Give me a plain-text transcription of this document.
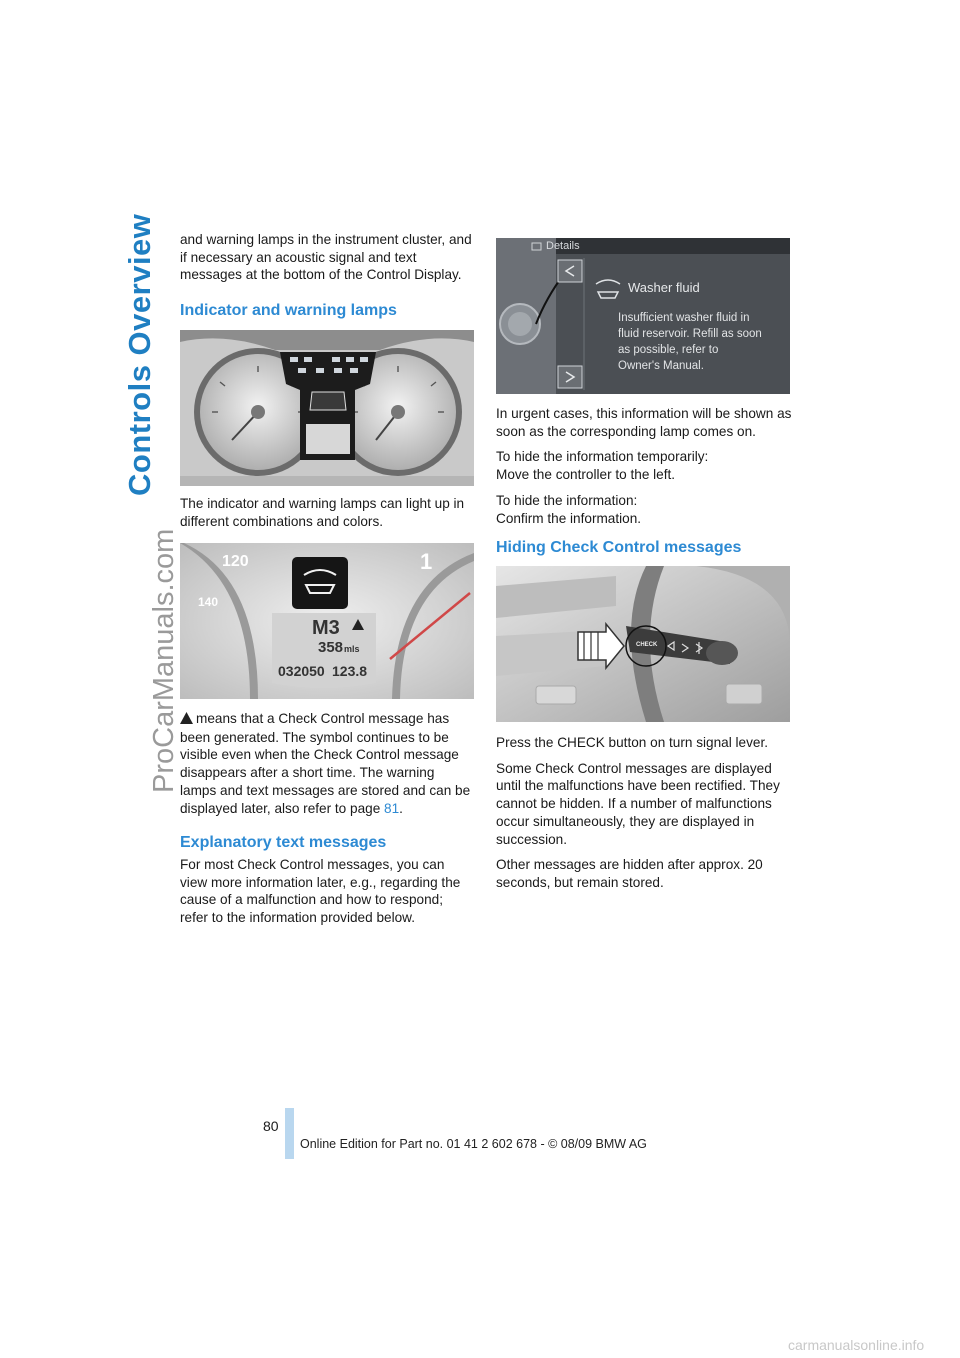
Controls Overview
ProCarManuals.com

and warning lamps in the instrument cluster, and if necessary an acoustic signal and text messages at the bottom of the Control Display.

Indicator and warning lamps

The indicator and warning lamps can light up in different combinations and colors.

120
140
1
M3
358mls
032050 123.8

means that a Check Control message has been generated. The symbol continues to be visible even when the Check Control message disappears after a short time. The warning lamps and text messages are stored and can be displayed later, also refer to page 81.

Explanatory text messages

For most Check Control messages, you can view more information later, e.g., regarding the cause of a malfunction and how to respond; refer to the information provided below.

Details
Washer fluid
Insufficient washer fluid in
fluid reservoir. Refill as soon
as possible, refer to
Owner's Manual.

In urgent cases, this information will be shown as soon as the corresponding lamp comes on.

To hide the information temporarily:
Move the controller to the left.

To hide the information:
Confirm the information.

Hiding Check Control messages
CHECK

Press the CHECK button on turn signal lever.

Some Check Control messages are displayed until the malfunctions have been rectified. They cannot be hidden. If a number of malfunctions occur simultaneously, they are displayed in succession.

Other messages are hidden after approx. 20 seconds, but remain stored.

80
Online Edition for Part no. 01 41 2 602 678 - © 08/09 BMW AG
carmanualsonline.info
